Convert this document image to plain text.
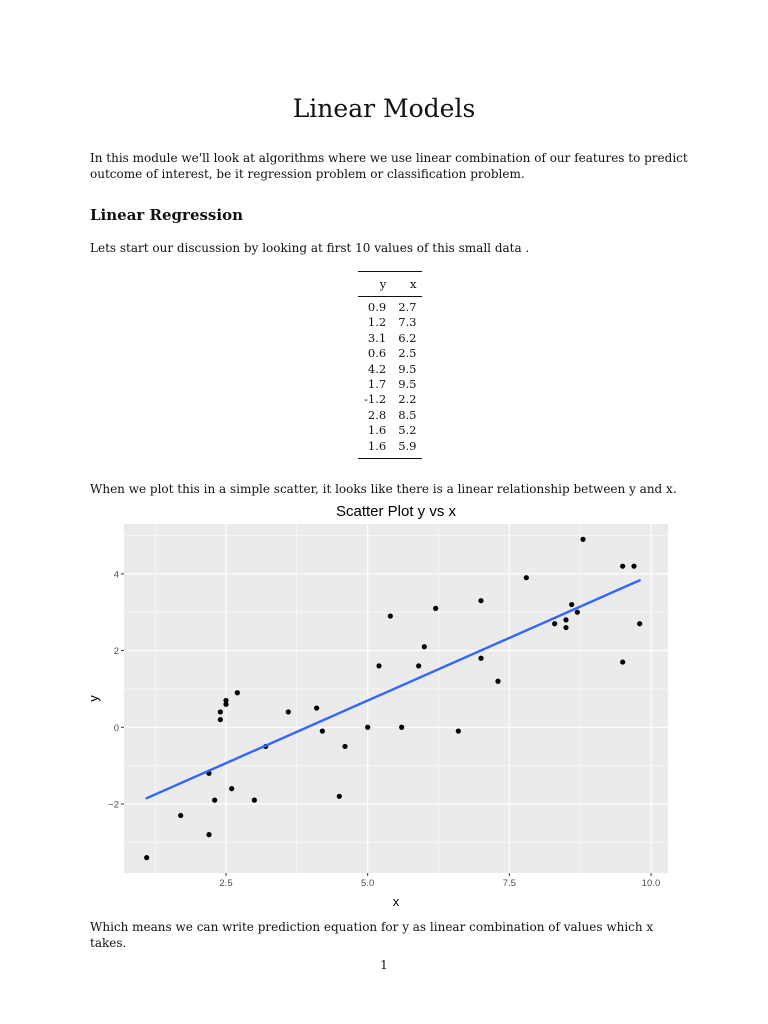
Linear Models

In this module we'll look at algorithms where we use linear combination of our features to predict outcome of interest, be it regression problem or classification problem.

Linear Regression

Lets start our discussion by looking at first 10 values of this small data .

y	x
0.9	2.7
1.2	7.3
3.1	6.2
0.6	2.5
4.2	9.5
1.7	9.5
-1.2	2.2
2.8	8.5
1.6	5.2
1.6	5.9

When we plot this in a simple scatter, it looks like there is a linear relationship between y and x.

Scatter Plot y vs x
2.5	5.0	7.5	10.0
−2
0
2
4
x
y

Which means we can write prediction equation for y as linear combination of values which x takes.

1
